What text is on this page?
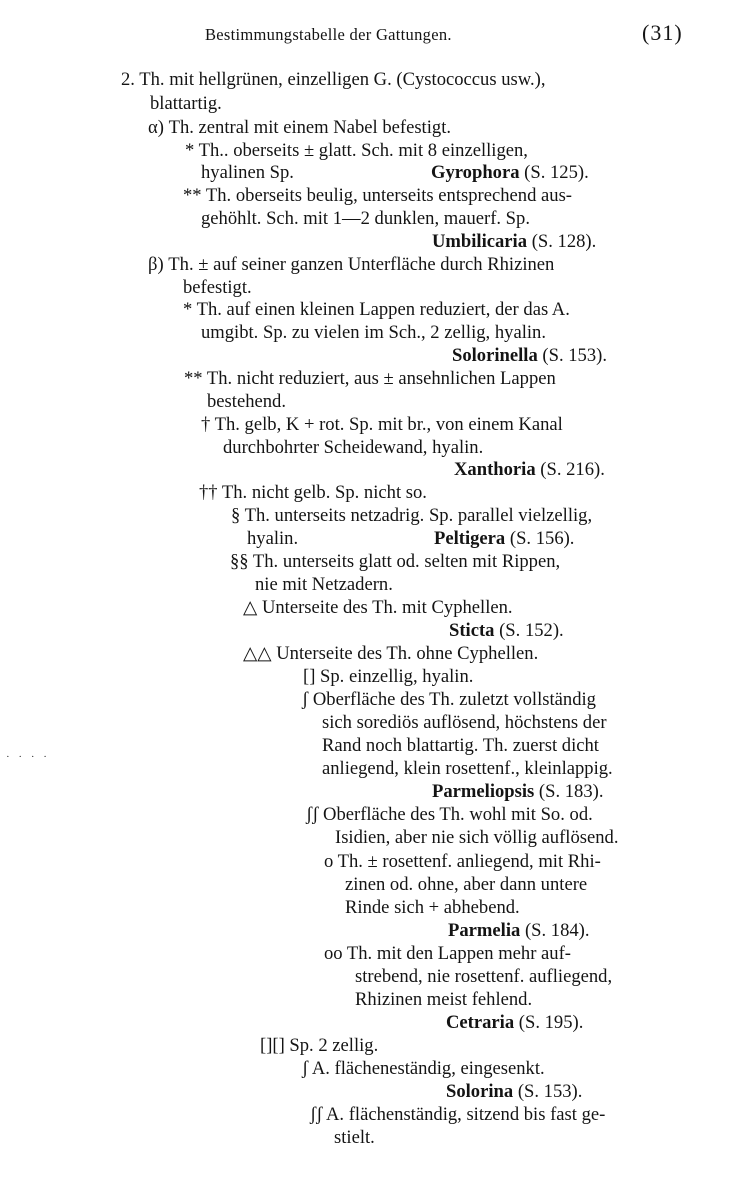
Bestimmungstabelle der Gattungen.	(31)
2. Th. mit hellgrünen, einzelligen G. (Cystococcus usw.),
blattartig.
α) Th. zentral mit einem Nabel befestigt.
* Th.. oberseits ± glatt. Sch. mit 8 einzelligen,
hyalinen Sp.	Gyrophora (S. 125).
** Th. oberseits beulig, unterseits entsprechend aus-
gehöhlt. Sch. mit 1—2 dunklen, mauerf. Sp.
Umbilicaria (S. 128).
β) Th. ± auf seiner ganzen Unterfläche durch Rhizinen
befestigt.
* Th. auf einen kleinen Lappen reduziert, der das A.
umgibt. Sp. zu vielen im Sch., 2 zellig, hyalin.
Solorinella (S. 153).
** Th. nicht reduziert, aus ± ansehnlichen Lappen
bestehend.
† Th. gelb, K + rot. Sp. mit br., von einem Kanal
durchbohrter Scheidewand, hyalin.
Xanthoria (S. 216).
†† Th. nicht gelb. Sp. nicht so.
§ Th. unterseits netzadrig. Sp. parallel vielzellig,
hyalin.	Peltigera (S. 156).
§§ Th. unterseits glatt od. selten mit Rippen,
nie mit Netzadern.
△ Unterseite des Th. mit Cyphellen.
Sticta (S. 152).
△△ Unterseite des Th. ohne Cyphellen.
[] Sp. einzellig, hyalin.
ʃ Oberfläche des Th. zuletzt vollständig
sich sorediös auflösend, höchstens der
Rand noch blattartig. Th. zuerst dicht
anliegend, klein rosettenf., kleinlappig.
Parmeliopsis (S. 183).
ʃʃ Oberfläche des Th. wohl mit So. od.
Isidien, aber nie sich völlig auflösend.
o Th. ± rosettenf. anliegend, mit Rhi-
zinen od. ohne, aber dann untere
Rinde sich + abhebend.
Parmelia (S. 184).
oo Th. mit den Lappen mehr auf-
strebend, nie rosettenf. aufliegend,
Rhizinen meist fehlend.
Cetraria (S. 195).
[][] Sp. 2 zellig.
ʃ A. flächeneständig, eingesenkt.
Solorina (S. 153).
ʃʃ A. flächenständig, sitzend bis fast ge-
stielt.
· · · ·
